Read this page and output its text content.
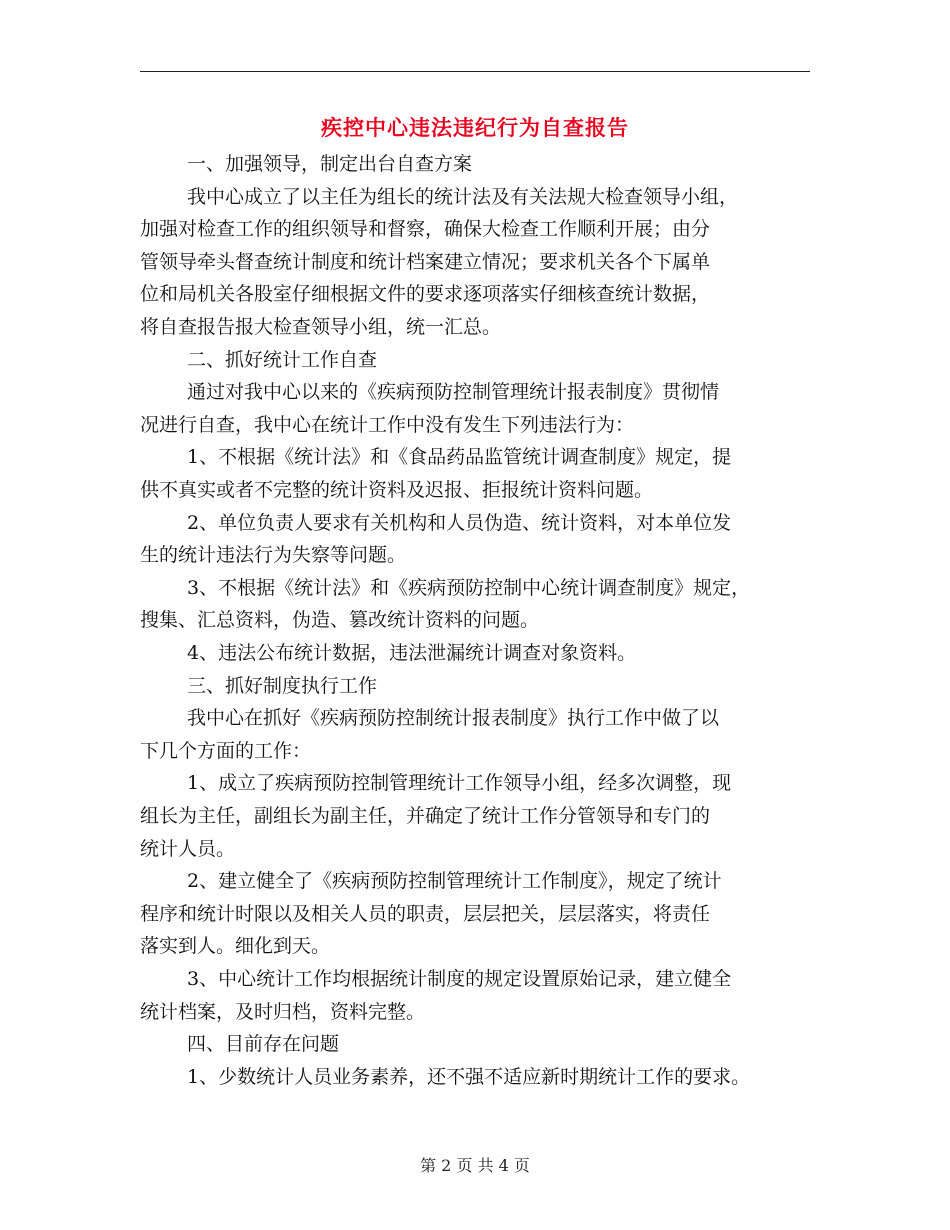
疾控中心违法违纪行为自查报告
一、加强领导，制定出台自查方案
我中心成立了以主任为组长的统计法及有关法规大检查领导小组，
加强对检查工作的组织领导和督察，确保大检查工作顺利开展；由分
管领导牵头督查统计制度和统计档案建立情况；要求机关各个下属单
位和局机关各股室仔细根据文件的要求逐项落实仔细核查统计数据，
将自查报告报大检查领导小组，统一汇总。
二、抓好统计工作自查
通过对我中心以来的《疾病预防控制管理统计报表制度》贯彻情
况进行自查，我中心在统计工作中没有发生下列违法行为：
1、不根据《统计法》和《食品药品监管统计调查制度》规定，提
供不真实或者不完整的统计资料及迟报、拒报统计资料问题。
2、单位负责人要求有关机构和人员伪造、统计资料，对本单位发
生的统计违法行为失察等问题。
3、不根据《统计法》和《疾病预防控制中心统计调查制度》规定，
搜集、汇总资料，伪造、篡改统计资料的问题。
4、违法公布统计数据，违法泄漏统计调查对象资料。
三、抓好制度执行工作
我中心在抓好《疾病预防控制统计报表制度》执行工作中做了以
下几个方面的工作：
1、成立了疾病预防控制管理统计工作领导小组，经多次调整，现
组长为主任，副组长为副主任，并确定了统计工作分管领导和专门的
统计人员。
2、建立健全了《疾病预防控制管理统计工作制度》，规定了统计
程序和统计时限以及相关人员的职责，层层把关，层层落实，将责任
落实到人。细化到天。
3、中心统计工作均根据统计制度的规定设置原始记录，建立健全
统计档案，及时归档，资料完整。
四、目前存在问题
1、少数统计人员业务素养，还不强不适应新时期统计工作的要求。
第 2 页 共 4 页
